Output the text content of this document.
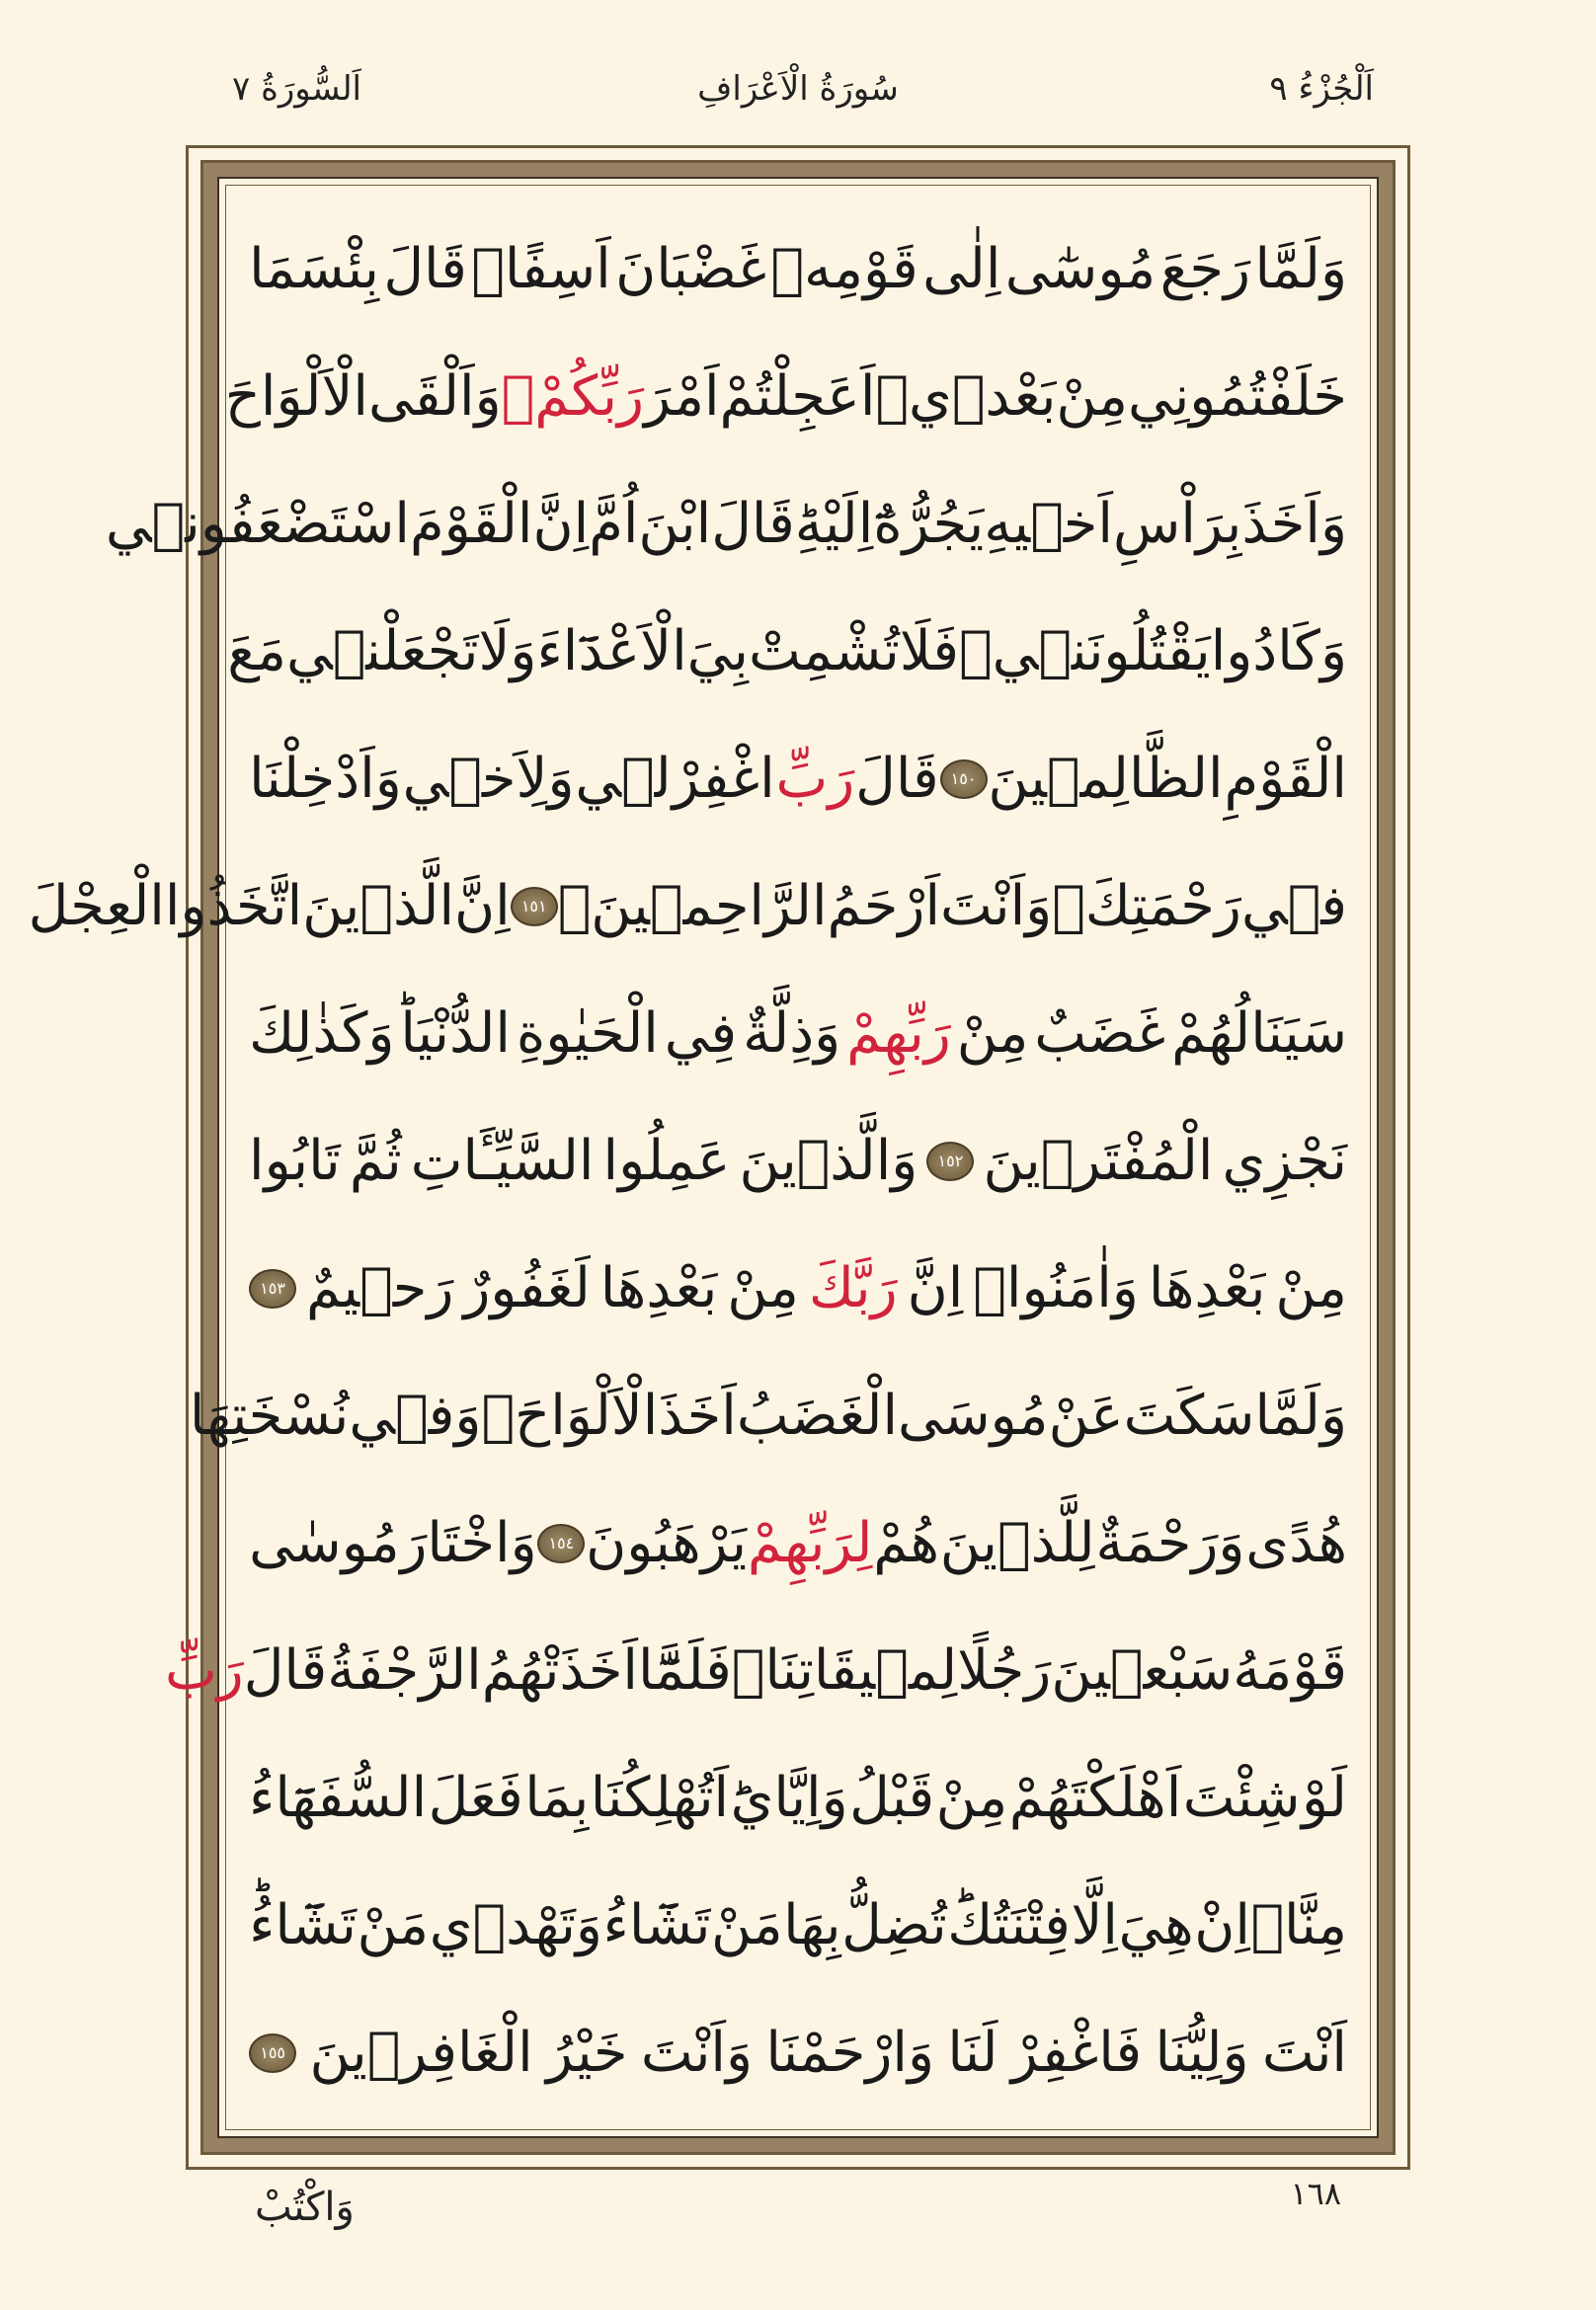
اَلْجُزْءُ ٩
سُورَةُ الْاَعْرَافِ
اَلسُّورَةُ ٧
وَلَمَّا
رَجَعَ
مُوسٰٓى
اِلٰى
قَوْمِهٖ
غَضْبَانَ
اَسِفًاۙ
قَالَ
بِئْسَمَا
خَلَفْتُمُونِي
مِنْ
بَعْد۪يۚ
اَعَجِلْتُمْ
اَمْرَ
رَبِّكُمْۚ
وَاَلْقَى
الْاَلْوَاحَ
وَاَخَذَ
بِرَاْسِ
اَخ۪يهِ
يَجُرُّهُٓ
اِلَيْهِؕ
قَالَ
ابْنَ
اُمَّ
اِنَّ
الْقَوْمَ
اسْتَضْعَفُون۪ي
وَكَادُوا
يَقْتُلُونَن۪يۘ
فَلَا
تُشْمِتْ
بِيَ
الْاَعْدَٓاءَ
وَلَا
تَجْعَلْن۪ي
مَعَ
الْقَوْمِ
الظَّالِم۪ينَ
١٥٠
قَالَ
رَبِّ
اغْفِرْ
ل۪ي
وَلِاَخ۪ي
وَاَدْخِلْنَا
ف۪ي
رَحْمَتِكَۘ
وَاَنْتَ
اَرْحَمُ
الرَّاحِم۪ينَ۟
١٥١
اِنَّ
الَّذ۪ينَ
اتَّخَذُوا
الْعِجْلَ
سَيَنَالُهُمْ
غَضَبٌ
مِنْ
رَبِّهِمْ
وَذِلَّةٌ
فِي
الْحَيٰوةِ
الدُّنْيَاؕ
وَكَذٰلِكَ
نَجْزِي
الْمُفْتَر۪ينَ
١٥٢
وَالَّذ۪ينَ
عَمِلُوا
السَّيِّـَٔاتِ
ثُمَّ
تَابُوا
مِنْ
بَعْدِهَا
وَاٰمَنُواۘ
اِنَّ
رَبَّكَ
مِنْ
بَعْدِهَا
لَغَفُورٌ
رَح۪يمٌ
١٥٣
وَلَمَّا
سَكَتَ
عَنْ
مُوسَى
الْغَضَبُ
اَخَذَ
الْاَلْوَاحَۚ
وَف۪ي
نُسْخَتِهَا
هُدًى
وَرَحْمَةٌ
لِلَّذ۪ينَ
هُمْ
لِرَبِّهِمْ
يَرْهَبُونَ
١٥٤
وَاخْتَارَ
مُوسٰى
قَوْمَهُ
سَبْع۪ينَ
رَجُلًا
لِم۪يقَاتِنَاۚ
فَلَمَّٓا
اَخَذَتْهُمُ
الرَّجْفَةُ
قَالَ
رَبِّ
لَوْ
شِئْتَ
اَهْلَكْتَهُمْ
مِنْ
قَبْلُ
وَاِيَّايَؕ
اَتُهْلِكُنَا
بِمَا
فَعَلَ
السُّفَهَٓاءُ
مِنَّاۚ
اِنْ
هِيَ
اِلَّا
فِتْنَتُكَؕ
تُضِلُّ
بِهَا
مَنْ
تَشَٓاءُ
وَتَهْد۪ي
مَنْ
تَشَٓاءُؕ
اَنْتَ
وَلِيُّنَا
فَاغْفِرْ
لَنَا
وَارْحَمْنَا
وَاَنْتَ
خَيْرُ
الْغَافِر۪ينَ
١٥٥
١٦٨
وَاكْتُبْ
